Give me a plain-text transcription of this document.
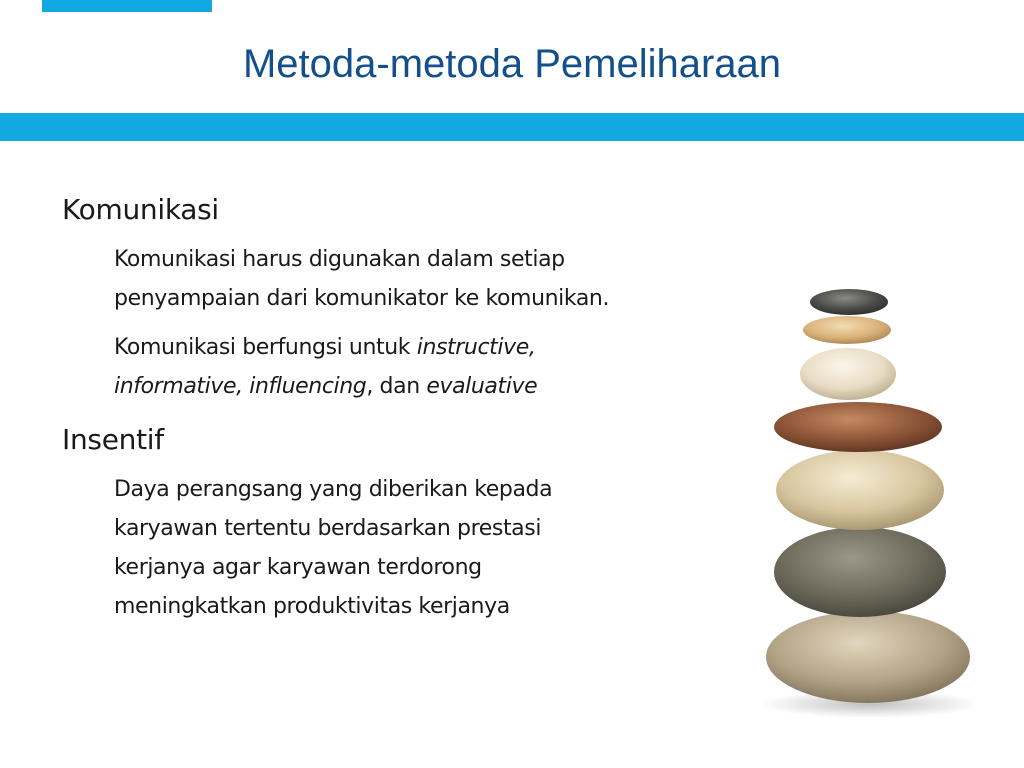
Metoda-metoda Pemeliharaan

Komunikasi

Komunikasi harus digunakan dalam setiap
penyampaian dari komunikator ke komunikan.

Komunikasi berfungsi untuk instructive,
informative, influencing, dan evaluative

Insentif

Daya perangsang yang diberikan kepada
karyawan tertentu berdasarkan prestasi
kerjanya agar karyawan terdorong
meningkatkan produktivitas kerjanya
